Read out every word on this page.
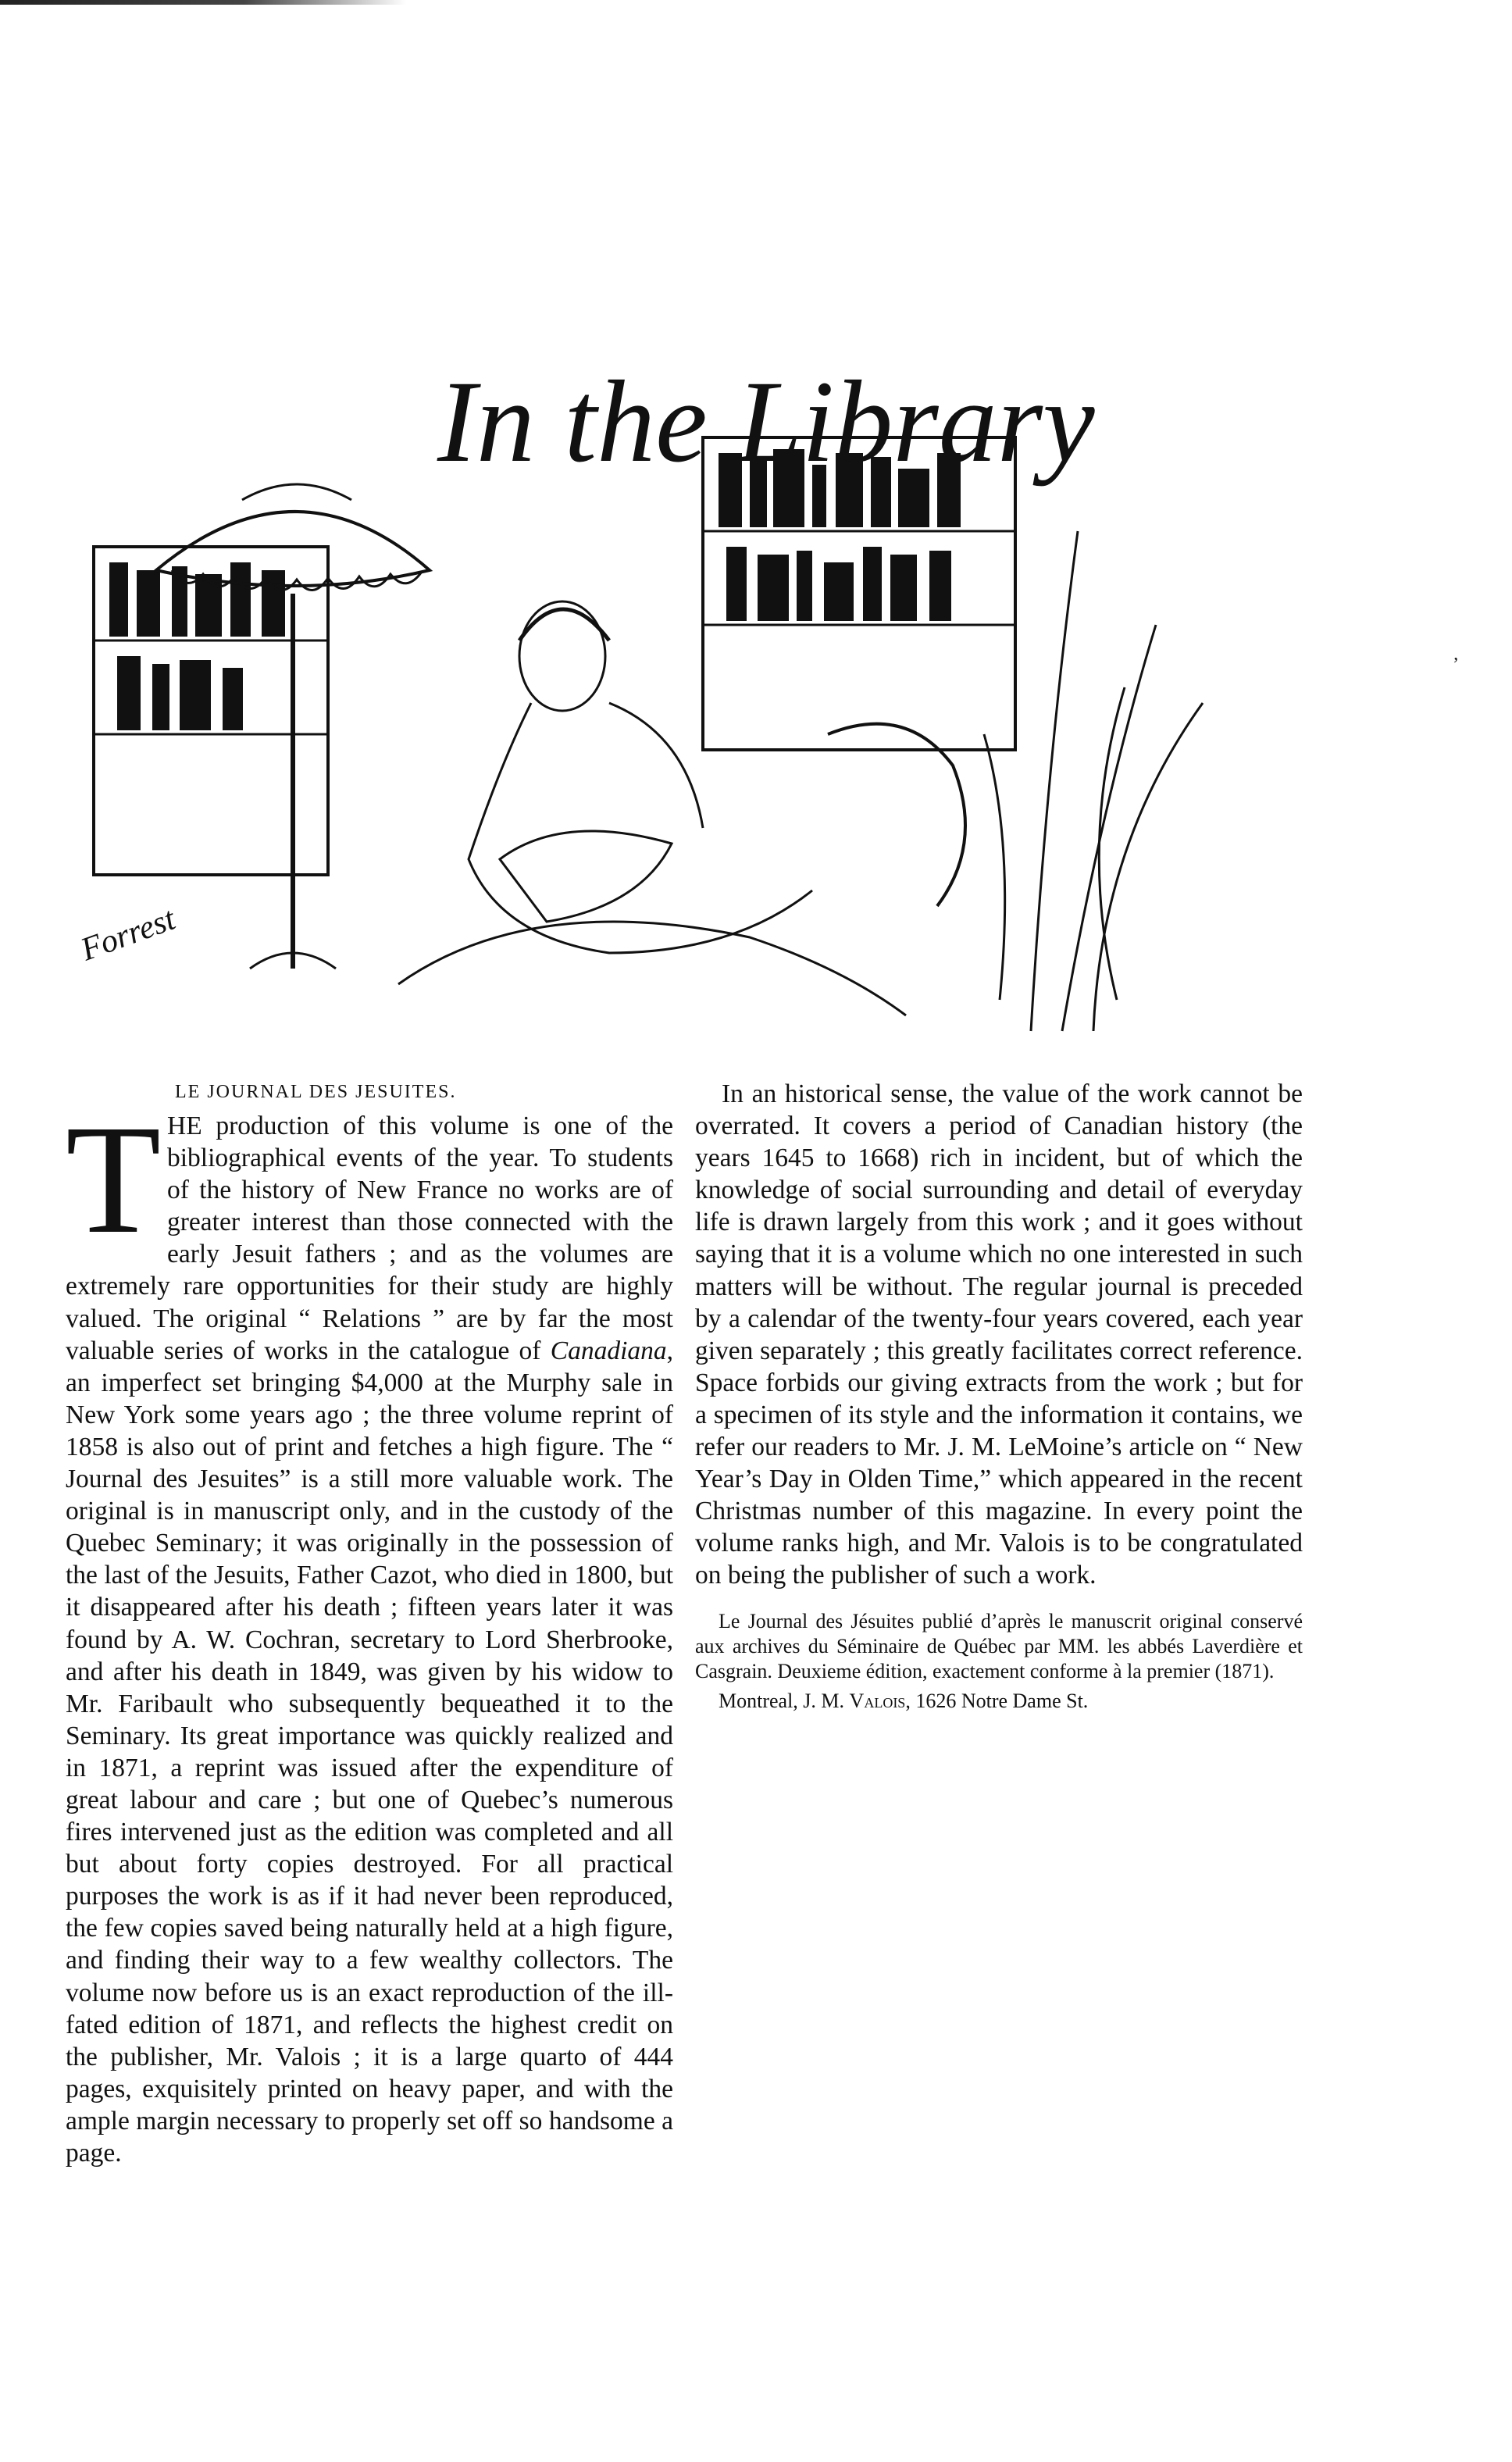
In the Library
Forrest
’
LE JOURNAL DES JESUITES.

THE production of this volume is one of the bibliographical events of the year. To students of the history of New France no works are of greater interest than those connected with the early Jesuit fathers ; and as the volumes are extremely rare opportunities for their study are highly valued. The original “ Relations ” are by far the most valuable series of works in the catalogue of Canadiana, an imperfect set bringing $4,000 at the Murphy sale in New York some years ago ; the three volume reprint of 1858 is also out of print and fetches a high figure. The “ Journal des Jesuites” is a still more valuable work. The original is in manuscript only, and in the custody of the Quebec Seminary; it was originally in the possession of the last of the Jesuits, Father Cazot, who died in 1800, but it disappeared after his death ; fifteen years later it was found by A. W. Cochran, secretary to Lord Sherbrooke, and after his death in 1849, was given by his widow to Mr. Faribault who subsequently bequeathed it to the Seminary. Its great importance was quickly realized and in 1871, a reprint was issued after the expenditure of great labour and care ; but one of Quebec’s numerous fires intervened just as the edition was completed and all but about forty copies destroyed. For all practical purposes the work is as if it had never been reproduced, the few copies saved being naturally held at a high figure, and finding their way to a few wealthy collectors. The volume now before us is an exact reproduction of the ill-fated edition of 1871, and reflects the highest credit on the publisher, Mr. Valois ; it is a large quarto of 444 pages, exquisitely printed on heavy paper, and with the ample margin necessary to properly set off so handsome a page.

In an historical sense, the value of the work cannot be overrated. It covers a period of Canadian history (the years 1645 to 1668) rich in incident, but of which the knowledge of social surrounding and detail of everyday life is drawn largely from this work ; and it goes without saying that it is a volume which no one interested in such matters will be without. The regular journal is preceded by a calendar of the twenty-four years covered, each year given separately ; this greatly facilitates correct reference. Space forbids our giving extracts from the work ; but for a specimen of its style and the information it contains, we refer our readers to Mr. J. M. LeMoine’s article on “ New Year’s Day in Olden Time,” which appeared in the recent Christmas number of this magazine. In every point the volume ranks high, and Mr. Valois is to be congratulated on being the publisher of such a work.

Le Journal des Jésuites publié d’après le manuscrit original conservé aux archives du Séminaire de Québec par MM. les abbés Laverdière et Casgrain. Deuxieme édition, exactement conforme à la premier (1871).

Montreal, J. M. Valois, 1626 Notre Dame St.
